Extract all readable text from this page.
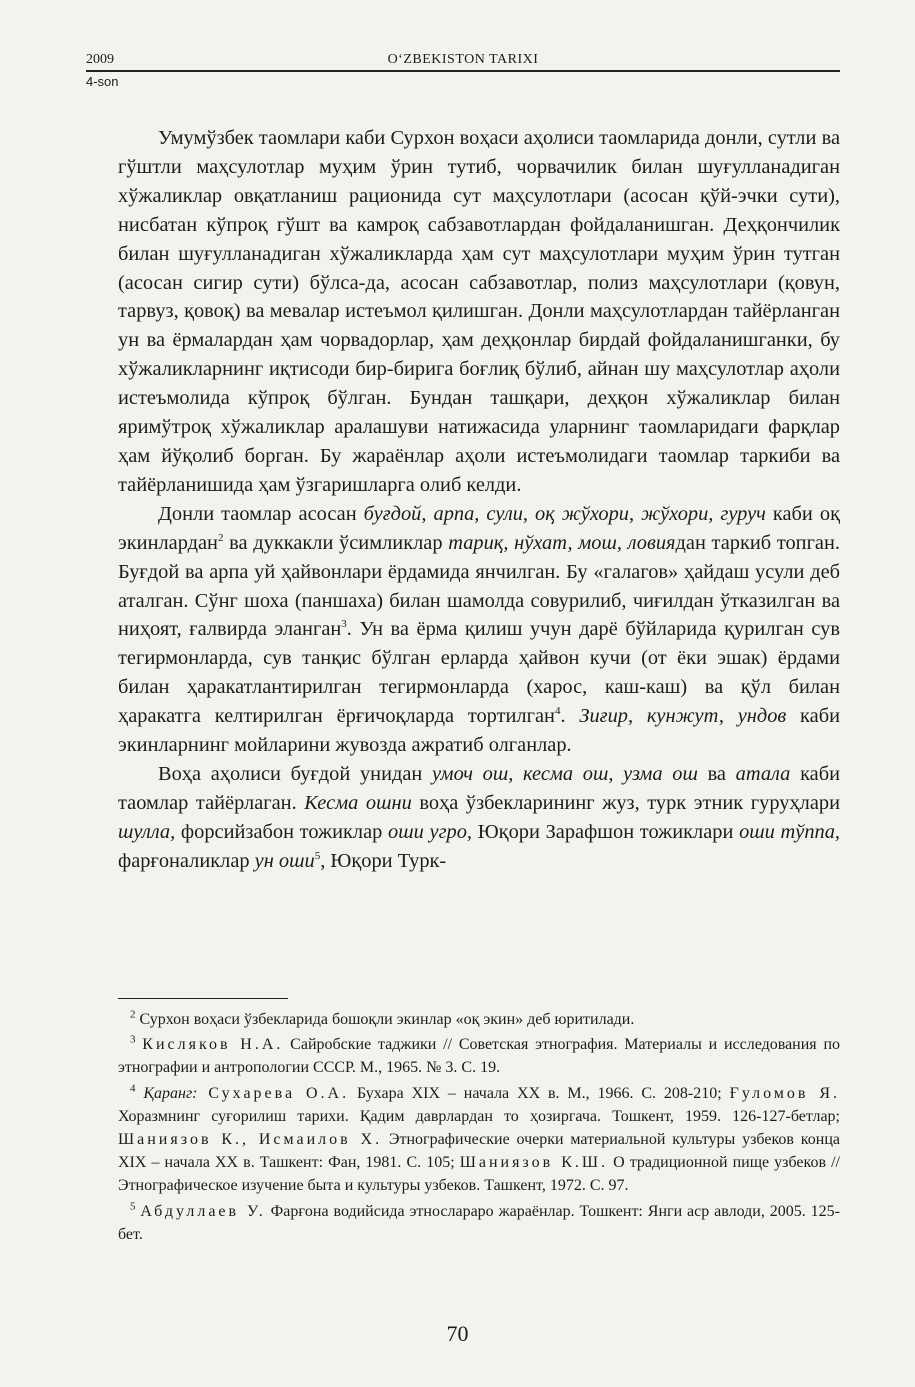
2009	O‘ZBEKISTON TARIXI
4-son

Умумўзбек таомлари каби Сурхон воҳаси аҳолиси таомларида донли, сутли ва гўштли маҳсулотлар муҳим ўрин тутиб, чорвачилик билан шуғулланадиган хўжаликлар овқатланиш рационида сут маҳсулотлари (асосан қўй-эчки сути), нисбатан кўпроқ гўшт ва камроқ сабзавотлардан фойдаланишган. Деҳқончилик билан шуғулланадиган хўжаликларда ҳам сут маҳсулотлари муҳим ўрин тутган (асосан сигир сути) бўлса-да, асосан сабзавотлар, полиз маҳсулотлари (қовун, тарвуз, қовоқ) ва мевалар истеъмол қилишган. Донли маҳсулотлардан тайёрланган ун ва ёрмалардан ҳам чорвадорлар, ҳам деҳқонлар бирдай фойдаланишганки, бу хўжаликларнинг иқтисоди бир-бирига боғлиқ бўлиб, айнан шу маҳсулотлар аҳоли истеъмолида кўпроқ бўлган. Бундан ташқари, деҳқон хўжаликлар билан яримўтроқ хўжаликлар аралашуви натижасида уларнинг таомларидаги фарқлар ҳам йўқолиб борган. Бу жараёнлар аҳоли истеъмолидаги таомлар таркиби ва тайёрланишида ҳам ўзгаришларга олиб келди.

Донли таомлар асосан буғдой, арпа, сули, оқ жўхори, жўхори, гуруч каби оқ экинлардан$^2$ ва дуккакли ўсимликлар тариқ, нўхат, мош, ловиядан таркиб топган. Буғдой ва арпа уй ҳайвонлари ёрдамида янчилган. Бу «галагов» ҳайдаш усули деб аталган. Сўнг шоха (паншаха) билан шамолда совурилиб, чиғилдан ўтказилган ва ниҳоят, ғалвирда эланган$^3$. Ун ва ёрма қилиш учун дарё бўйларида қурилган сув тегирмонларда, сув танқис бўлган ерларда ҳайвон кучи (от ёки эшак) ёрдами билан ҳаракатлантирилган тегирмонларда (харос, каш-каш) ва қўл билан ҳаракатга келтирилган ёрғичоқларда тортилган$^4$. Зиғир, кунжут, ундов каби экинларнинг мойларини жувозда ажратиб олганлар.

Воҳа аҳолиси буғдой унидан умоч ош, кесма ош, узма ош ва атала каби таомлар тайёрлаган. Кесма ошни воҳа ўзбекларининг жуз, турк этник гуруҳлари шулла, форсийзабон тожиклар оши угро, Юқори Зарафшон тожиклари оши тўппа, фарғоналиклар ун оши$^5$, Юқори Турк-

$^2$ Сурхон воҳаси ўзбекларида бошоқли экинлар «оқ экин» деб юритилади.

$^3$ Кисляков Н.А. Сайробские таджики // Советская этнография. Материалы и исследования по этнографии и антропологии СССР. М., 1965. № 3. С. 19.

$^4$ Қаранг: Сухарева О.А. Бухара XIX – начала XX в. М., 1966. С. 208-210; Ғуломов Я. Хоразмнинг суғорилиш тарихи. Қадим даврлардан то ҳозиргача. Тошкент, 1959. 126-127-бетлар; Шаниязов К., Исмаилов Х. Этнографические очерки материальной культуры узбеков конца XIX – начала XX в. Ташкент: Фан, 1981. С. 105; Шаниязов К.Ш. О традиционной пище узбеков // Этнографическое изучение быта и культуры узбеков. Ташкент, 1972. С. 97.

$^5$ Абдуллаев У. Фарғона водийсида этнослараро жараёнлар. Тошкент: Янги аср авлоди, 2005. 125-бет.

70
